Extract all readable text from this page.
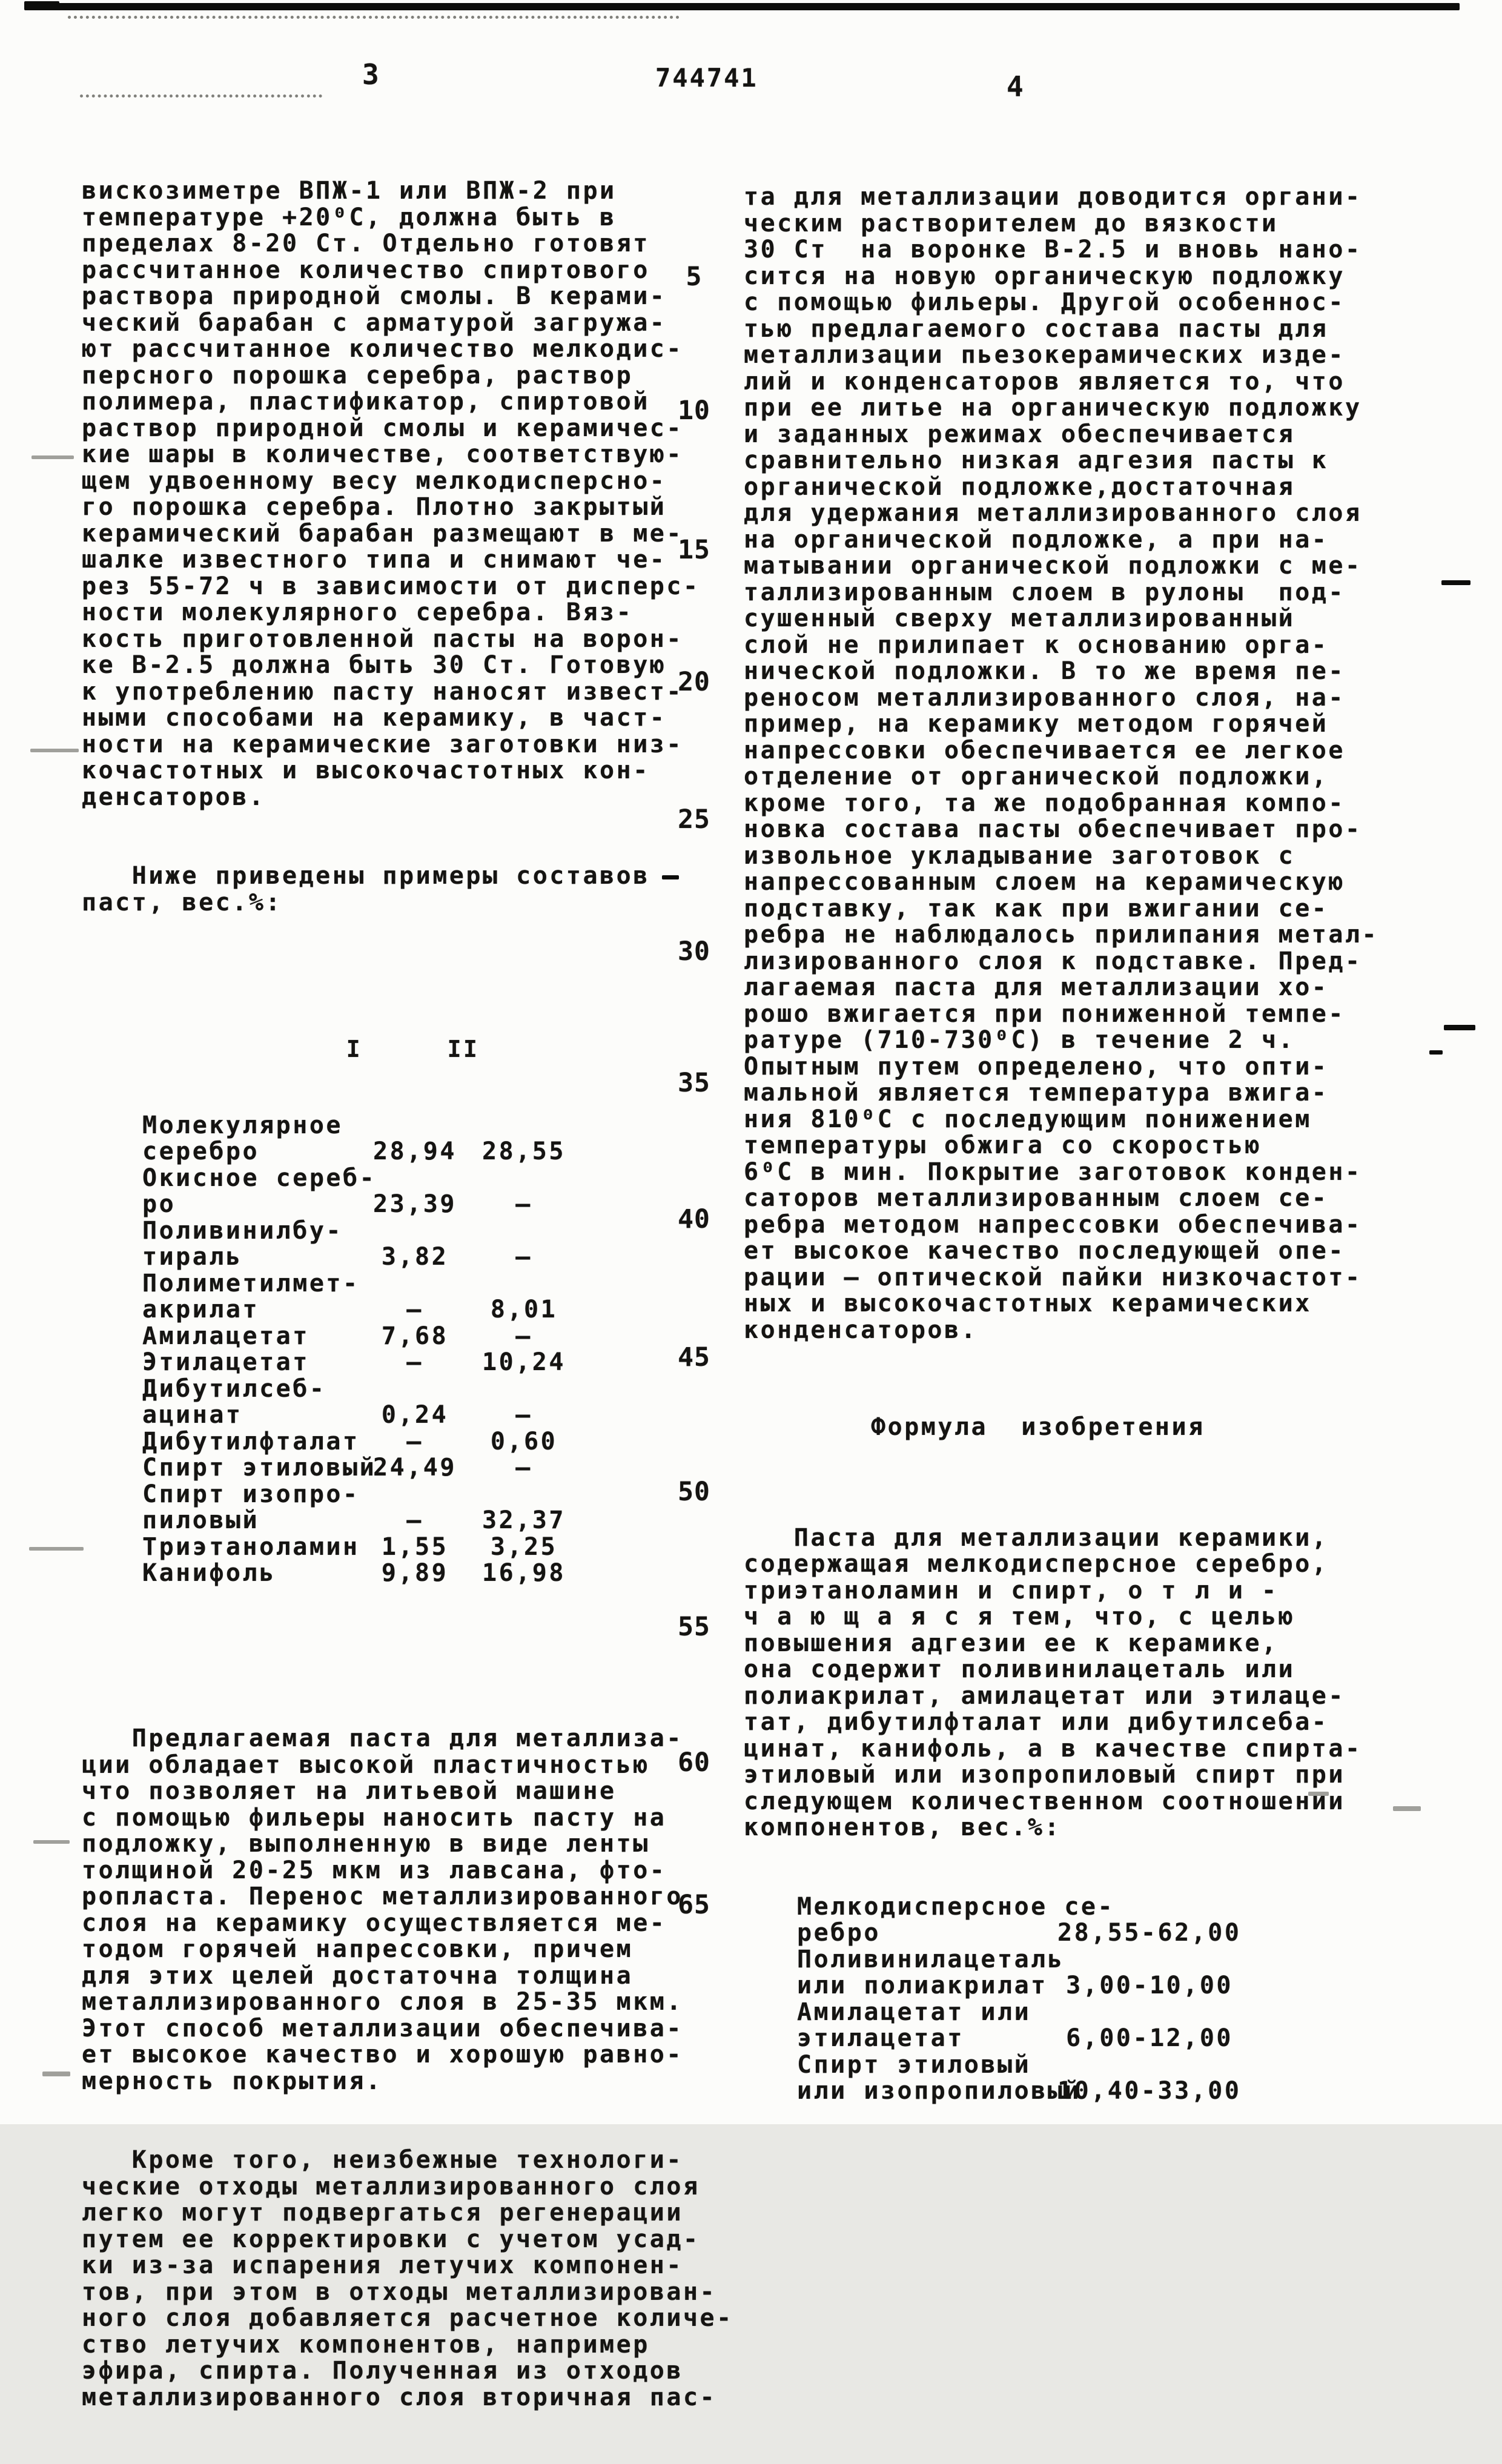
3	744741	4
5
10
15
20
25
30
35
40
45
50
55
60
65

вискозиметре ВПЖ-1 или ВПЖ-2 при
температуре +20⁰С, должна быть в
пределах 8-20 Ст. Отдельно готовят
рассчитанное количество спиртового
раствора природной смолы. В керами-
ческий барабан с арматурой загружа-
ют рассчитанное количество мелкодис-
персного порошка серебра, раствор
полимера, пластификатор, спиртовой
раствор природной смолы и керамичес-
кие шары в количестве, соответствую-
щем удвоенному весу мелкодисперсно-
го порошка серебра. Плотно закрытый
керамический барабан размещают в ме-
шалке известного типа и снимают че-
рез 55-72 ч в зависимости от дисперс-
ности молекулярного серебра. Вяз-
кость приготовленной пасты на ворон-
ке В-2.5 должна быть 30 Ст. Готовую
к употреблению пасту наносят извест-
ными способами на керамику, в част-
ности на керамические заготовки низ-
кочастотных и высокочастотных кон-
денсаторов.

Ниже приведены примеры составов
паст, вес.%:

I	II

Молекулярное
серебро	28,94	28,55
Окисное сереб-
ро	23,39	—
Поливинилбу-
тираль	3,82	—
Полиметилмет-
акрилат	—	8,01
Амилацетат	7,68	—
Этилацетат	—	10,24
Дибутилсеб-
ацинат	0,24	—
Дибутилфталат	—	0,60
Спирт этиловый
24,49	—
Спирт изопро-
пиловый	—	32,37
Триэтаноламин 1,55	3,25
Канифоль	9,89	16,98

Предлагаемая паста для металлиза-
ции обладает высокой пластичностью
что позволяет на литьевой машине
с помощью фильеры наносить пасту на
подложку, выполненную в виде ленты
толщиной 20-25 мкм из лавсана, фто-
ропласта. Перенос металлизированного
слоя на керамику осуществляется ме-
тодом горячей напрессовки, причем
для этих целей достаточна толщина
металлизированного слоя в 25-35 мкм.
Этот способ металлизации обеспечива-
ет высокое качество и хорошую равно-
мерность покрытия.

Кроме того, неизбежные технологи-
ческие отходы металлизированного слоя
легко могут подвергаться регенерации
путем ее корректировки с учетом усад-
ки из-за испарения летучих компонен-
тов, при этом в отходы металлизирован-
ного слоя добавляется расчетное количе-
ство летучих компонентов, например
эфира, спирта. Полученная из отходов
металлизированного слоя вторичная пас-

та для металлизации доводится органи-
ческим растворителем до вязкости
30 Ст  на воронке В-2.5 и вновь нано-
сится на новую органическую подложку
с помощью фильеры. Другой особеннос-
тью предлагаемого состава пасты для
металлизации пьезокерамических изде-
лий и конденсаторов является то, что
при ее литье на органическую подложку
и заданных режимах обеспечивается
сравнительно низкая адгезия пасты к
органической подложке,достаточная
для удержания металлизированного слоя
на органической подложке, а при на-
матывании органической подложки с ме-
таллизированным слоем в рулоны  под-
сушенный сверху металлизированный
слой не прилипает к основанию орга-
нической подложки. В то же время пе-
реносом металлизированного слоя, на-
пример, на керамику методом горячей
напрессовки обеспечивается ее легкое
отделение от органической подложки,
кроме того, та же подобранная компо-
новка состава пасты обеспечивает про-
извольное укладывание заготовок с
напрессованным слоем на керамическую
подставку, так как при вжигании се-
ребра не наблюдалось прилипания метал-
лизированного слоя к подставке. Пред-
лагаемая паста для металлизации хо-
рошо вжигается при пониженной темпе-
ратуре (710-730⁰С) в течение 2 ч.
Опытным путем определено, что опти-
мальной является температура вжига-
ния 810⁰С с последующим понижением
температуры обжига со скоростью
6⁰С в мин. Покрытие заготовок конден-
саторов металлизированным слоем се-
ребра методом напрессовки обеспечива-
ет высокое качество последующей опе-
рации — оптической пайки низкочастот-
ных и высокочастотных керамических
конденсаторов.

Формула  изобретения

Паста для металлизации керамики,
содержащая мелкодисперсное серебро,
триэтаноламин и спирт, о т л и -
ч а ю щ а я с я тем, что, с целью
повышения адгезии ее к керамике,
она содержит поливинилацеталь или
полиакрилат, амилацетат или этилаце-
тат, дибутилфталат или дибутилсеба-
цинат, канифоль, а в качестве спирта-
этиловый или изопропиловый спирт при
следующем количественном соотношении
компонентов, вес.%:

Мелкодисперсное се-
ребро	28,55-62,00
Поливинилацеталь
или полиакрилат 3,00-10,00
Амилацетат или
этилацетат	6,00-12,00
Спирт этиловый
или изопропиловый
10,40-33,00
